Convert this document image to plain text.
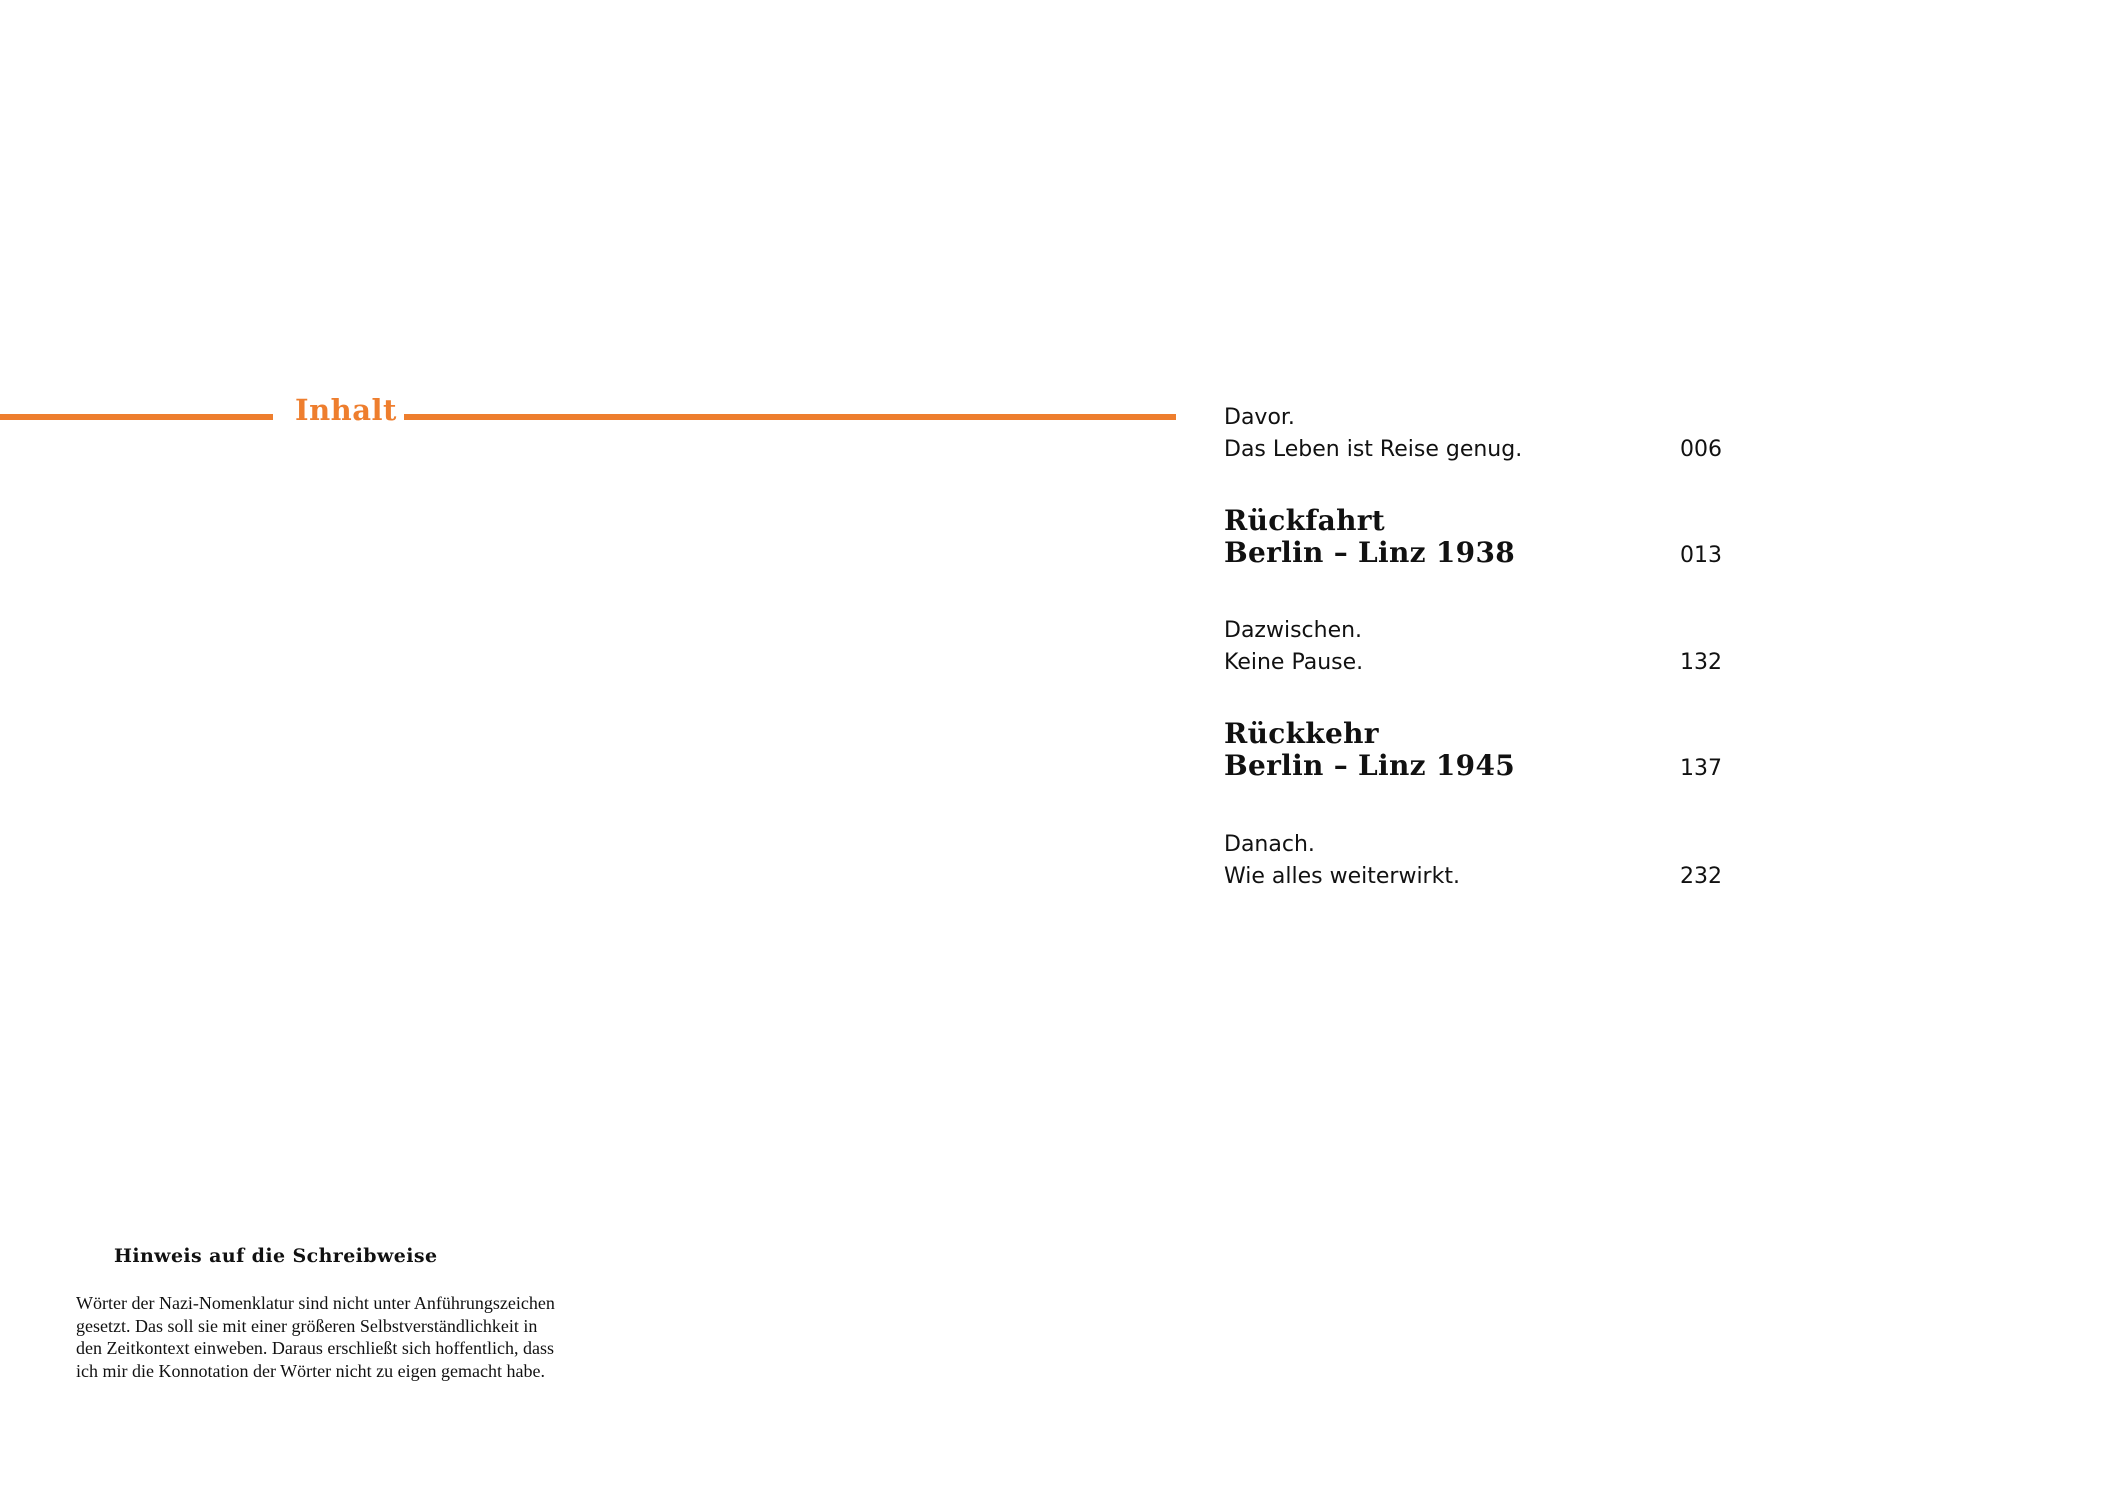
Inhalt	Davor.
Das Leben ist Reise genug.	006
Rückfahrt
Berlin – Linz 1938	013
Dazwischen.
Keine Pause.	132
Rückkehr
Berlin – Linz 1945	137
Danach.
Wie alles weiterwirkt.	232
Hinweis auf die Schreibweise
Wörter der Nazi-Nomenklatur sind nicht unter Anführungszeichen
gesetzt. Das soll sie mit einer größeren Selbstverständlichkeit in
den Zeitkontext einweben. Daraus erschließt sich hoffentlich, dass
ich mir die Konnotation der Wörter nicht zu eigen gemacht habe.
